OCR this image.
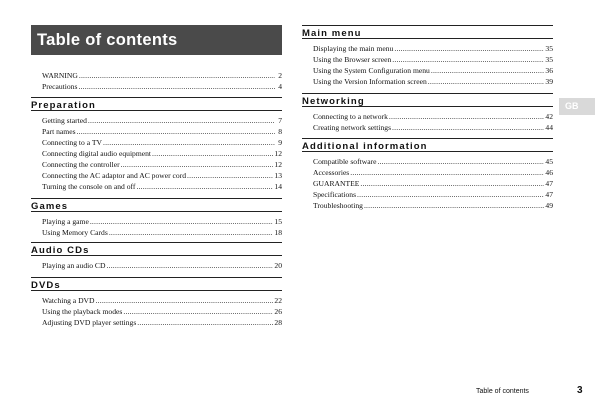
Table of contents
WARNING .....	2
Precautions .....	4
Preparation
Getting started .....	7
Part names .....	8
Connecting to a TV .....	9
Connecting digital audio equipment .....	12
Connecting the controller .....	12
Connecting the AC adaptor and AC power cord .....	13
Turning the console on and off .....	14
Games
Playing a game .....	15
Using Memory Cards .....	18
Audio CDs
Playing an audio CD .....	20
DVDs
Watching a DVD .....	22
Using the playback modes .....	26
Adjusting DVD player settings .....	28
Main menu
Displaying the main menu .....	35
Using the Browser screen .....	35
Using the System Configuration menu .....	36
Using the Version Information screen .....	39
Networking
Connecting to a network .....	42
Creating network settings .....	44
Additional information
Compatible software .....	45
Accessories .....	46
GUARANTEE .....	47
Specifications .....	47
Troubleshooting .....	49
GB
Table of contents	3
